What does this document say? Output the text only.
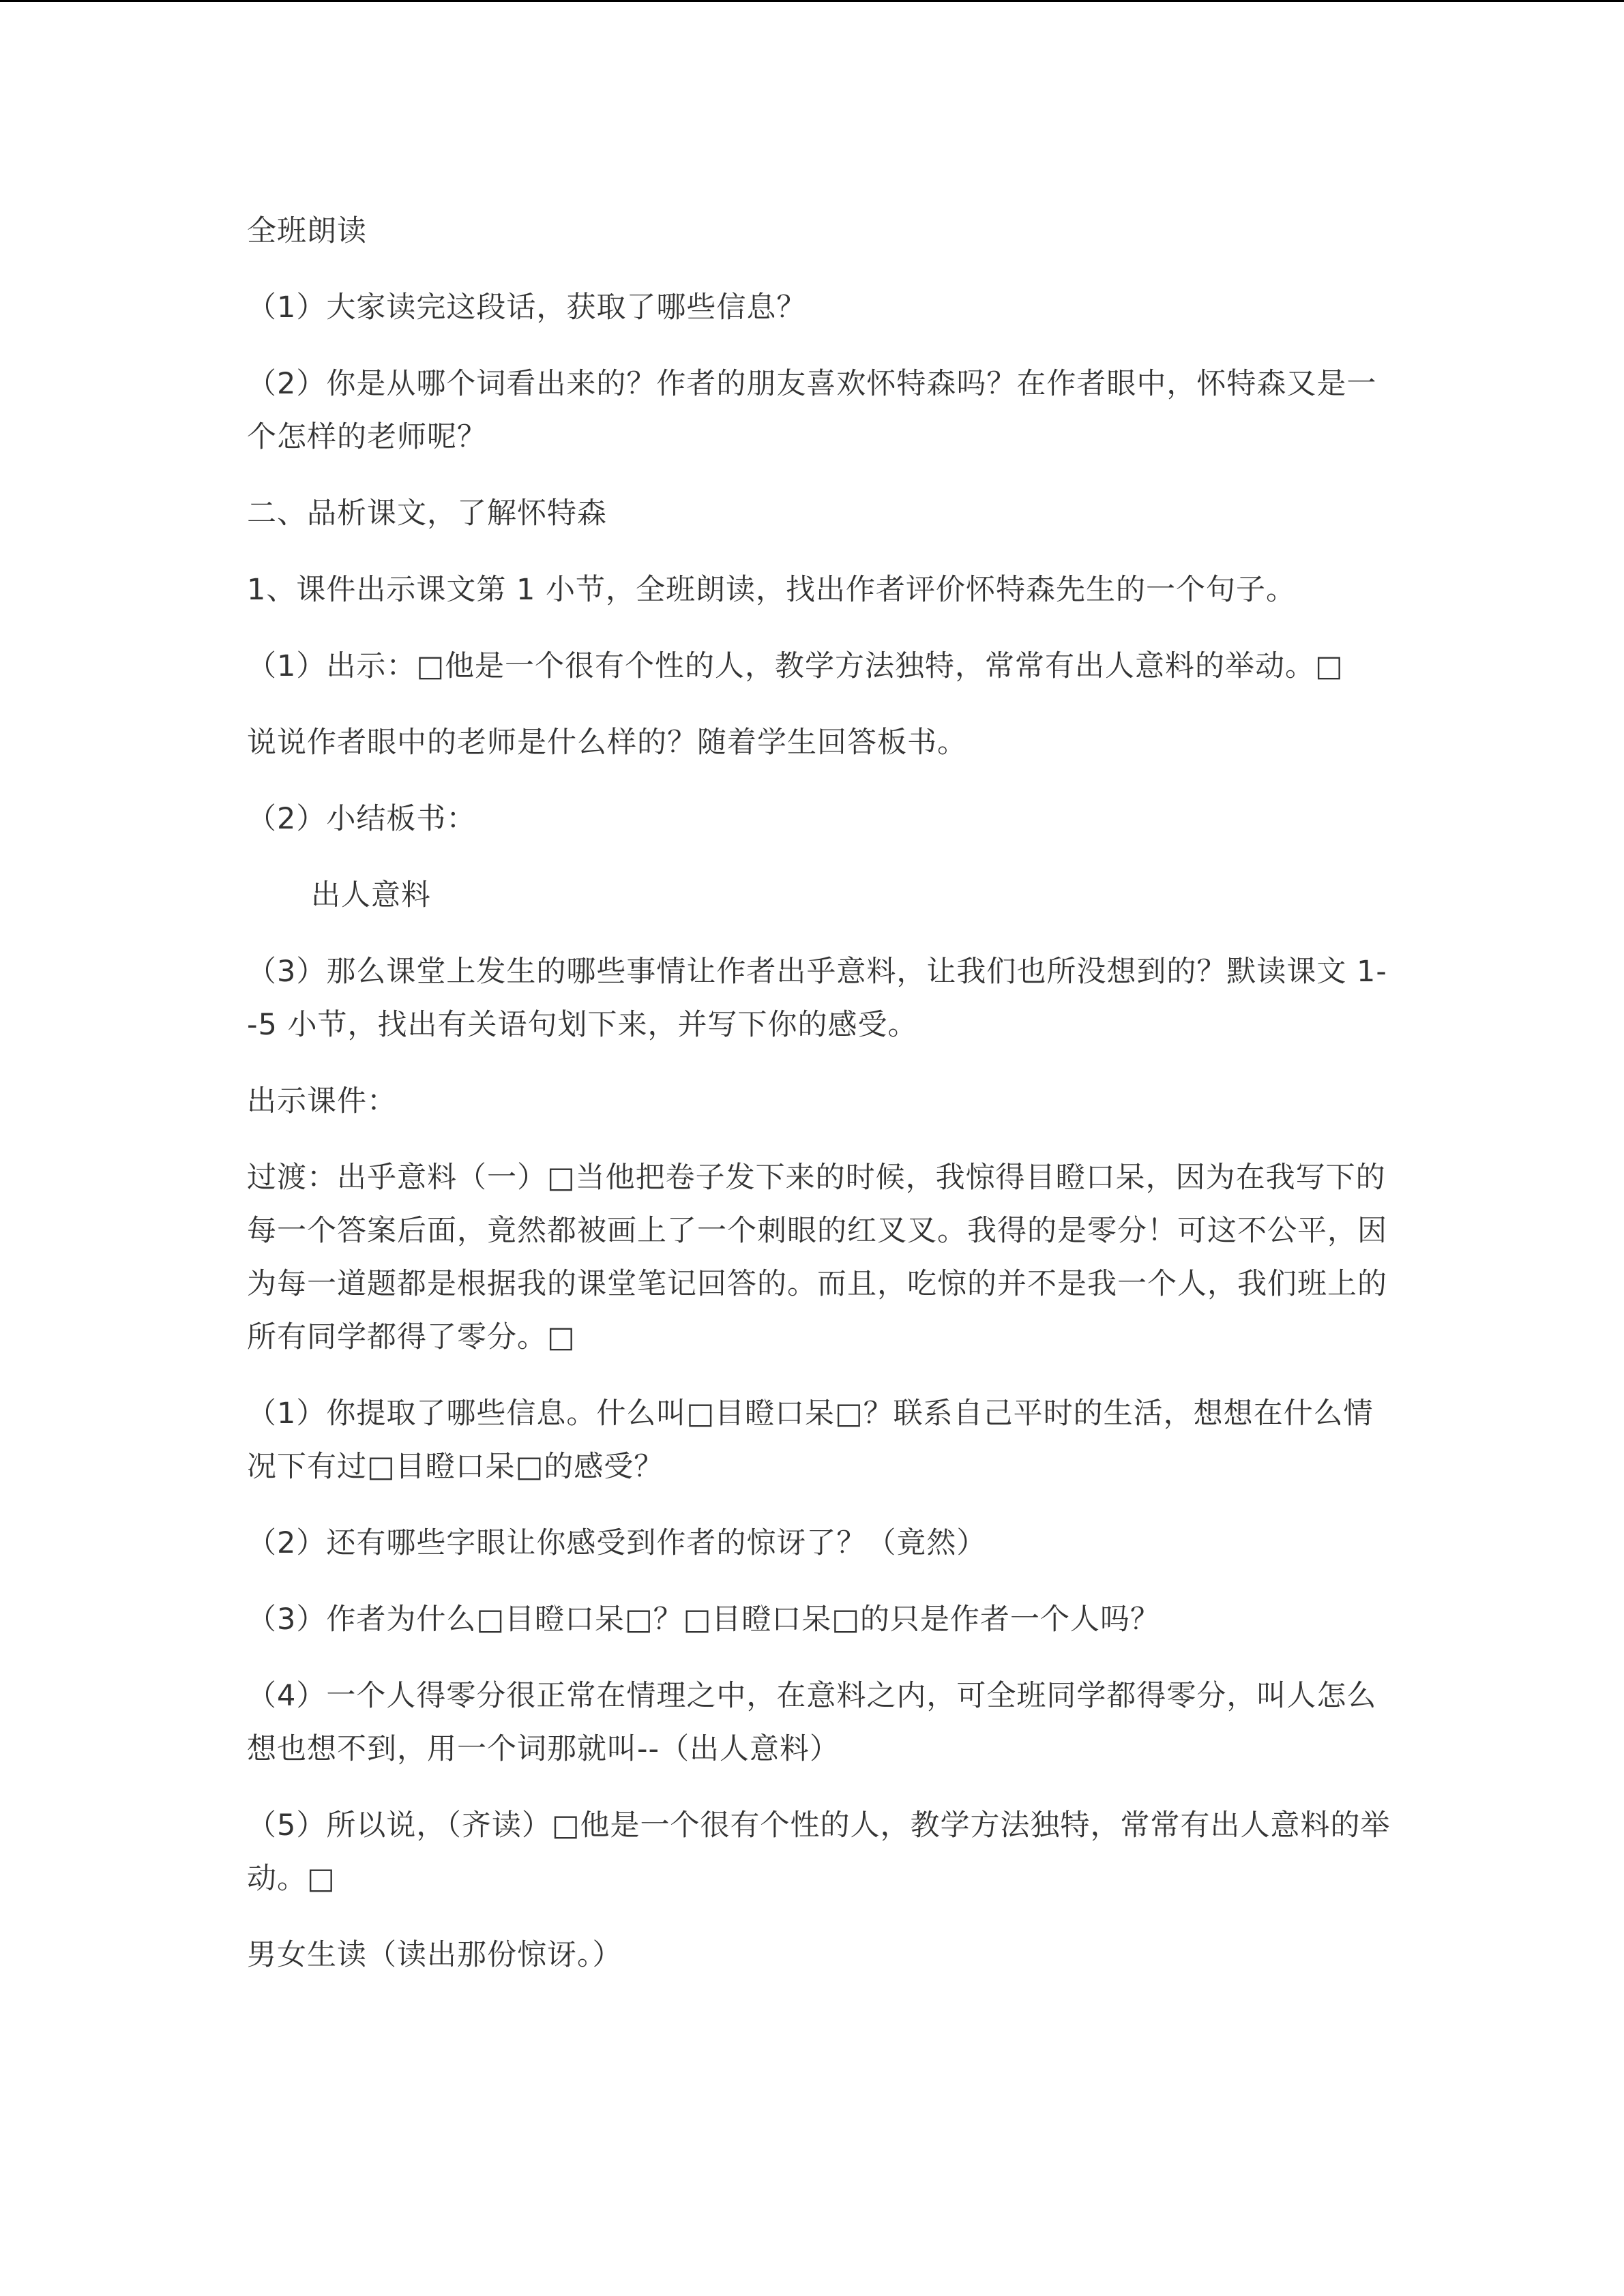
全班朗读

（1）大家读完这段话，获取了哪些信息？

（2）你是从哪个词看出来的？作者的朋友喜欢怀特森吗？在作者眼中，怀特森又是一个怎样的老师呢？

二、品析课文，了解怀特森

1、课件出示课文第 1 小节，全班朗读，找出作者评价怀特森先生的一个句子。

（1）出示：□他是一个很有个性的人，教学方法独特，常常有出人意料的举动。□

说说作者眼中的老师是什么样的？随着学生回答板书。

（2）小结板书：

出人意料

（3）那么课堂上发生的哪些事情让作者出乎意料，让我们也所没想到的？默读课文 1--5 小节，找出有关语句划下来，并写下你的感受。

出示课件：

过渡：出乎意料（一）□当他把卷子发下来的时候，我惊得目瞪口呆，因为在我写下的每一个答案后面，竟然都被画上了一个刺眼的红叉叉。我得的是零分！可这不公平，因为每一道题都是根据我的课堂笔记回答的。而且，吃惊的并不是我一个人，我们班上的所有同学都得了零分。□

（1）你提取了哪些信息。什么叫□目瞪口呆□？联系自己平时的生活，想想在什么情况下有过□目瞪口呆□的感受？

（2）还有哪些字眼让你感受到作者的惊讶了？（竟然）

（3）作者为什么□目瞪口呆□？□目瞪口呆□的只是作者一个人吗？

（4）一个人得零分很正常在情理之中，在意料之内，可全班同学都得零分，叫人怎么想也想不到，用一个词那就叫--（出人意料）

（5）所以说，（齐读）□他是一个很有个性的人，教学方法独特，常常有出人意料的举动。□

男女生读（读出那份惊讶。）
